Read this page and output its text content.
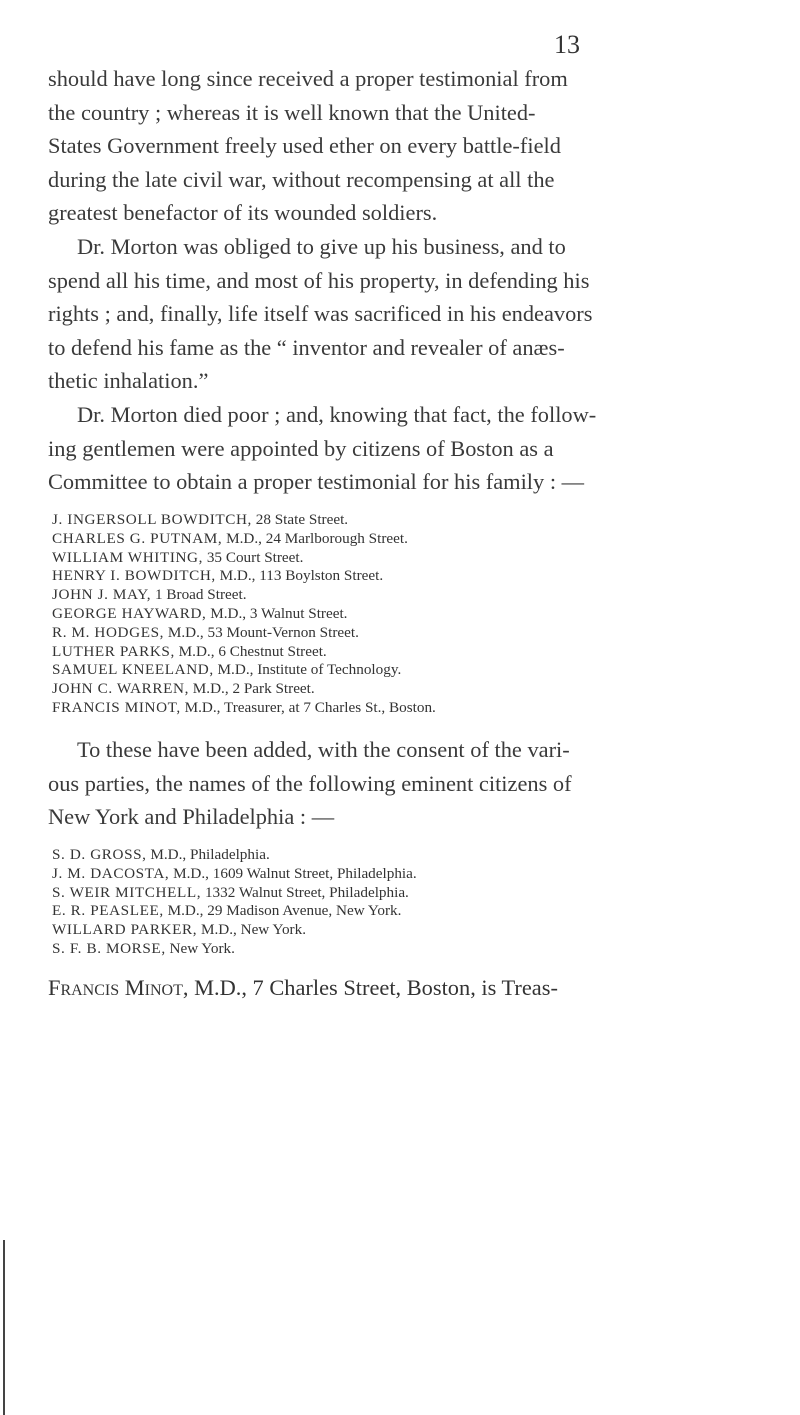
13

should have long since received a proper testimonial from
the country ; whereas it is well known that the United-
States Government freely used ether on every battle-field
during the late civil war, without recompensing at all the
greatest benefactor of its wounded soldiers.

Dr. Morton was obliged to give up his business, and to
spend all his time, and most of his property, in defending his
rights ; and, finally, life itself was sacrificed in his endeavors
to defend his fame as the “ inventor and revealer of anæs-
thetic inhalation.”

Dr. Morton died poor ; and, knowing that fact, the follow-
ing gentlemen were appointed by citizens of Boston as a
Committee to obtain a proper testimonial for his family : —

J. INGERSOLL BOWDITCH, 28 State Street.
CHARLES G. PUTNAM, M.D., 24 Marlborough Street.
WILLIAM WHITING, 35 Court Street.
HENRY I. BOWDITCH, M.D., 113 Boylston Street.
JOHN J. MAY, 1 Broad Street.
GEORGE HAYWARD, M.D., 3 Walnut Street.
R. M. HODGES, M.D., 53 Mount-Vernon Street.
LUTHER PARKS, M.D., 6 Chestnut Street.
SAMUEL KNEELAND, M.D., Institute of Technology.
JOHN C. WARREN, M.D., 2 Park Street.
FRANCIS MINOT, M.D., Treasurer, at 7 Charles St., Boston.

To these have been added, with the consent of the vari-
ous parties, the names of the following eminent citizens of
New York and Philadelphia : —

S. D. GROSS, M.D., Philadelphia.
J. M. DACOSTA, M.D., 1609 Walnut Street, Philadelphia.
S. WEIR MITCHELL, 1332 Walnut Street, Philadelphia.
E. R. PEASLEE, M.D., 29 Madison Avenue, New York.
WILLARD PARKER, M.D., New York.
S. F. B. MORSE, New York.
Francis Minot, M.D., 7 Charles Street, Boston, is Treas-
